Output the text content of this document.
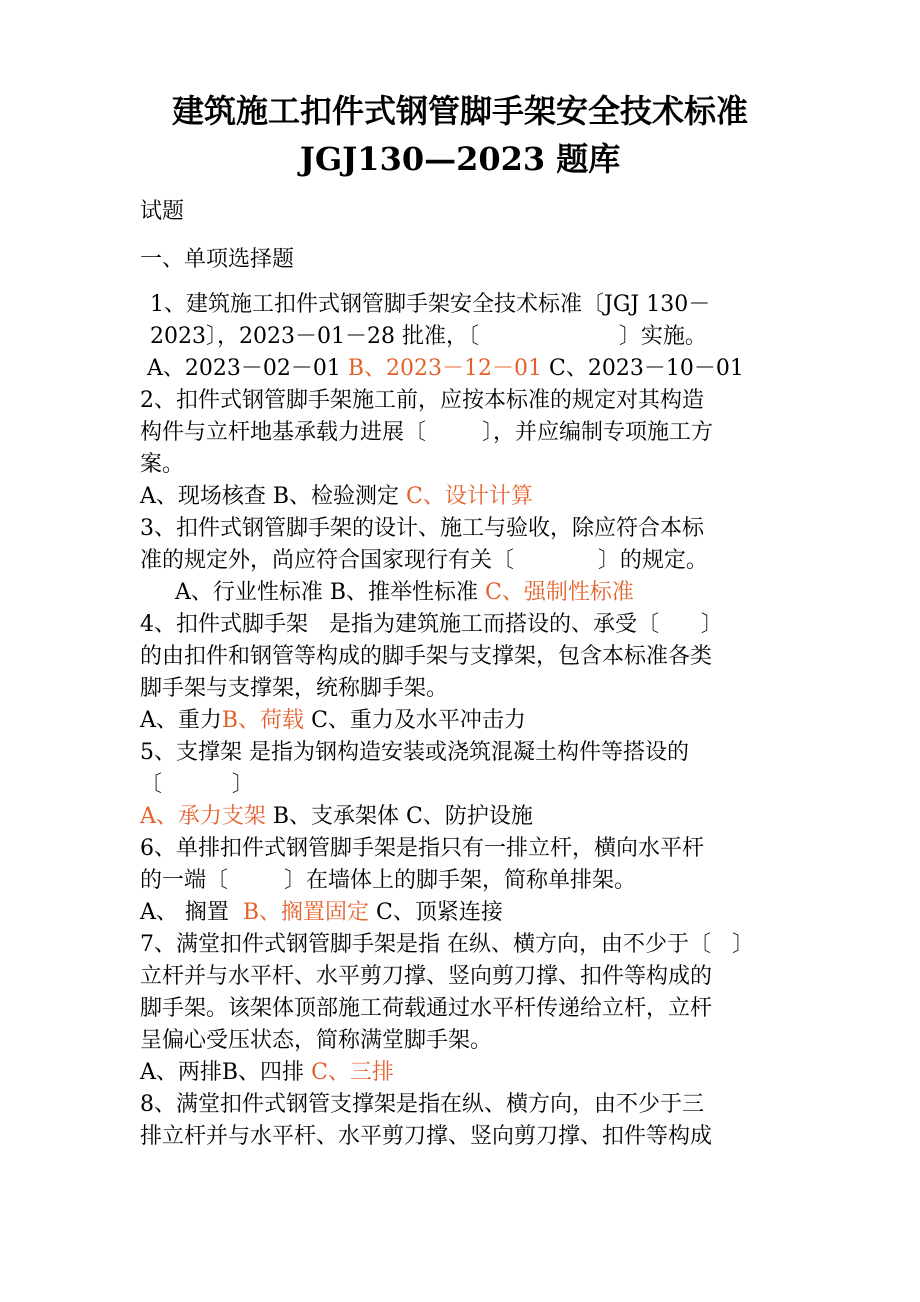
建筑施工扣件式钢管脚手架安全技术标准
JGJ130—2023 题库
试题
一、单项选择题
1、建筑施工扣件式钢管脚手架安全技术标准〔JGJ 130－
2023〕，2023－01－28 批准，〔                    〕实施。
A、2023－02－01 B、2023－12－01 C、2023－10－01
2、扣件式钢管脚手架施工前，应按本标准的规定对其构造
构件与立杆地基承载力进展〔        〕，并应编制专项施工方
案。
A、现场核查 B、检验测定 C、设计计算
3、扣件式钢管脚手架的设计、施工与验收，除应符合本标
准的规定外，尚应符合国家现行有关〔            〕的规定。
A、行业性标准 B、推举性标准 C、强制性标准
4、扣件式脚手架   是指为建筑施工而搭设的、承受〔      〕
的由扣件和钢管等构成的脚手架与支撑架，包含本标准各类
脚手架与支撑架，统称脚手架。
A、重力B、荷载 C、重力及水平冲击力
5、支撑架 是指为钢构造安装或浇筑混凝土构件等搭设的
〔          〕
A、承力支架 B、支承架体 C、防护设施
6、单排扣件式钢管脚手架是指只有一排立杆，横向水平杆
的一端〔        〕在墙体上的脚手架，简称单排架。
A、 搁置  B、搁置固定 C、顶紧连接
7、满堂扣件式钢管脚手架是指 在纵、横方向，由不少于〔   〕
立杆并与水平杆、水平剪刀撑、竖向剪刀撑、扣件等构成的
脚手架。该架体顶部施工荷载通过水平杆传递给立杆，立杆
呈偏心受压状态，简称满堂脚手架。
A、两排B、四排 C、三排
8、满堂扣件式钢管支撑架是指在纵、横方向，由不少于三
排立杆并与水平杆、水平剪刀撑、竖向剪刀撑、扣件等构成
